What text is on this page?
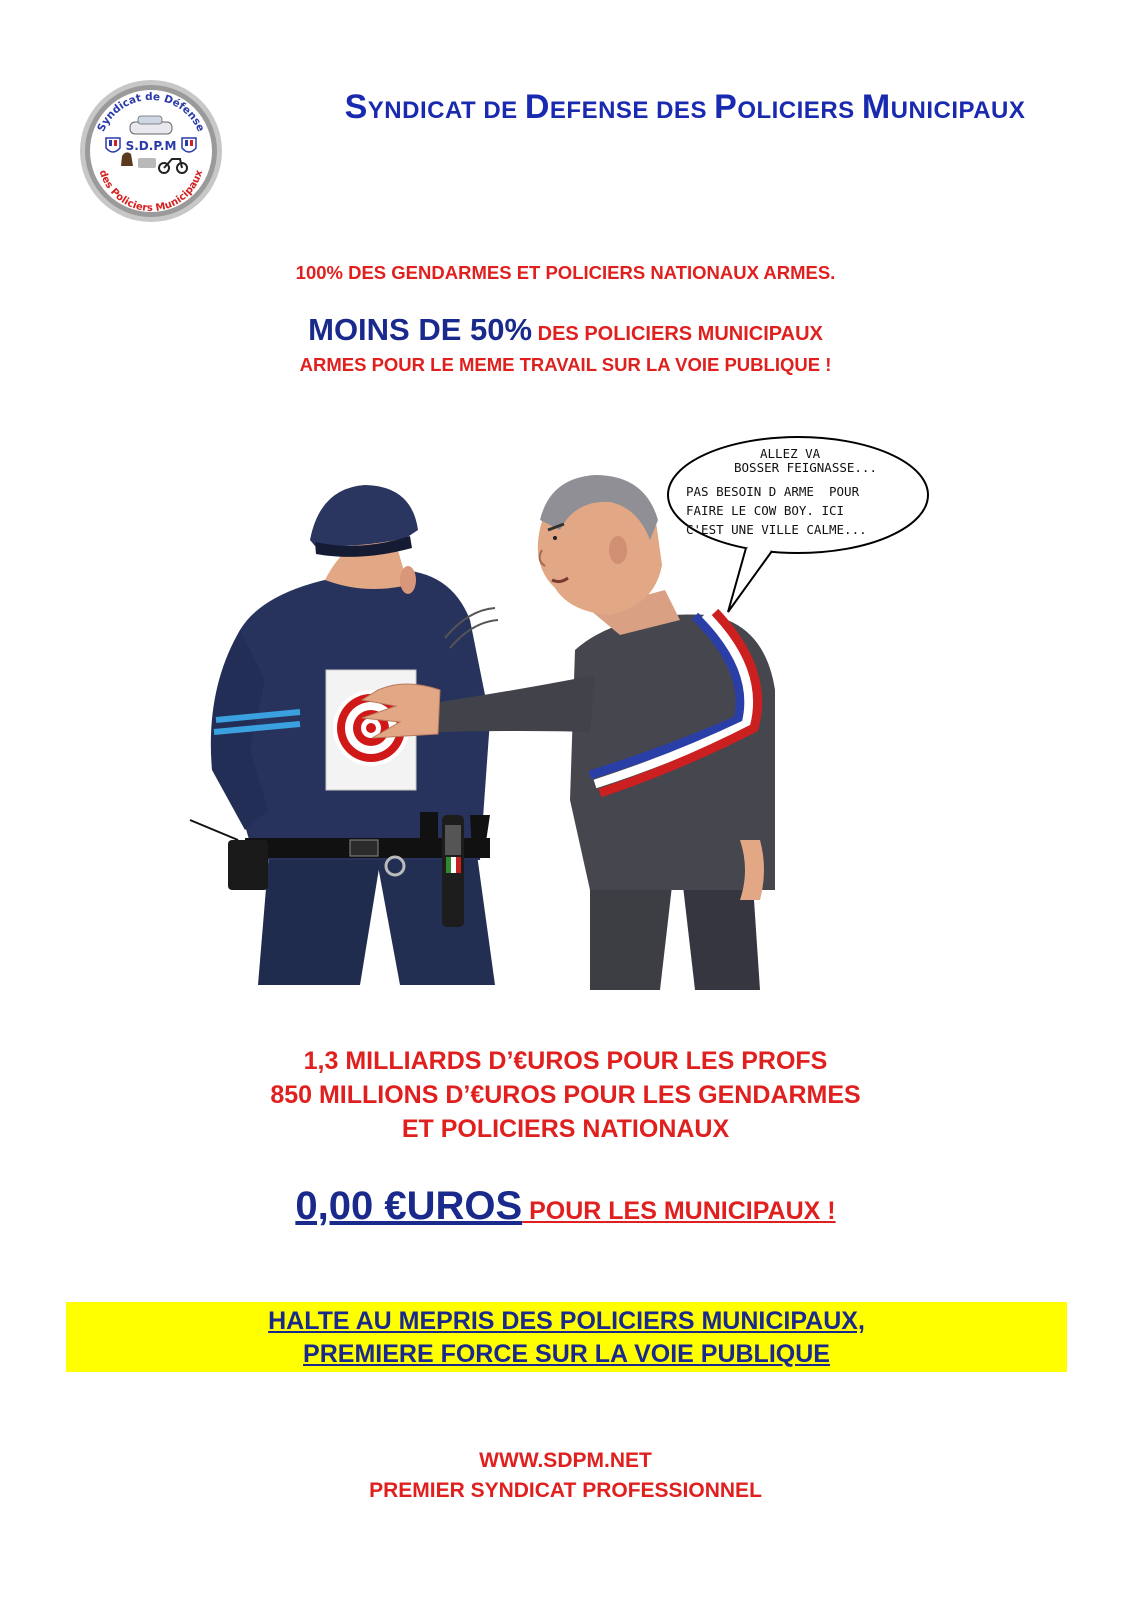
Syndicat de Défense
des Policiers Municipaux
S.D.P.M
SYNDICAT DE DEFENSE DES POLICIERS MUNICIPAUX
100% DES GENDARMES ET POLICIERS NATIONAUX ARMES.
MOINS DE 50% DES POLICIERS MUNICIPAUX
ARMES POUR LE MEME TRAVAIL SUR LA VOIE PUBLIQUE !
ALLEZ VA
BOSSER FEIGNASSE...
PAS BESOIN D ARME  POUR
FAIRE LE COW BOY. ICI
C'EST UNE VILLE CALME...
1,3 MILLIARDS D’€UROS POUR LES PROFS
850 MILLIONS D’€UROS POUR LES GENDARMES
ET POLICIERS NATIONAUX
0,00 €UROS POUR LES MUNICIPAUX !
HALTE AU MEPRIS DES POLICIERS MUNICIPAUX,
PREMIERE FORCE SUR LA VOIE PUBLIQUE
WWW.SDPM.NET
PREMIER SYNDICAT PROFESSIONNEL
